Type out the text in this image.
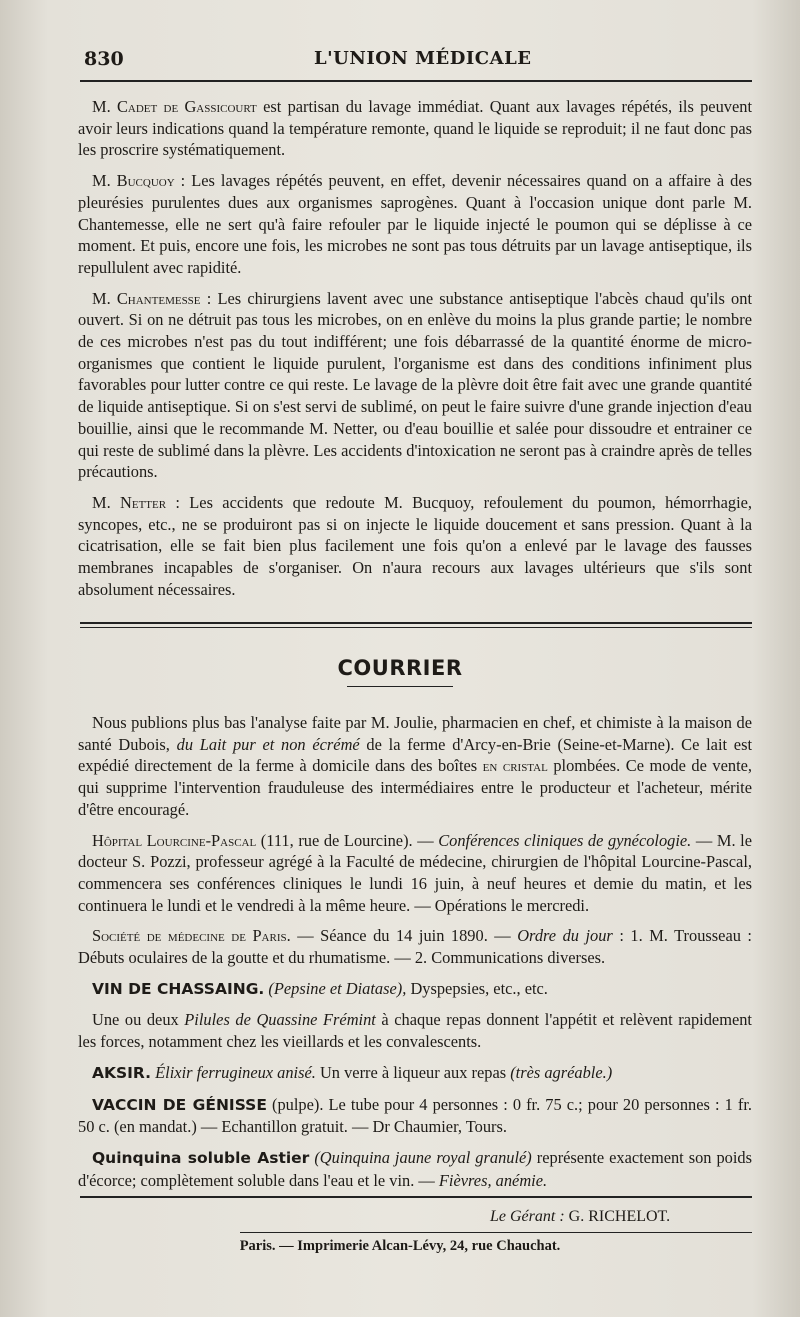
830	L'UNION MÉDICALE

M. Cadet de Gassicourt est partisan du lavage immédiat. Quant aux lavages répétés, ils peuvent avoir leurs indications quand la température remonte, quand le liquide se reproduit; il ne faut donc pas les proscrire systématiquement.

M. Bucquoy : Les lavages répétés peuvent, en effet, devenir nécessaires quand on a affaire à des pleurésies purulentes dues aux organismes saprogènes. Quant à l'occasion unique dont parle M. Chantemesse, elle ne sert qu'à faire refouler par le liquide injecté le poumon qui se déplisse à ce moment. Et puis, encore une fois, les microbes ne sont pas tous détruits par un lavage antiseptique, ils repullulent avec rapidité.

M. Chantemesse : Les chirurgiens lavent avec une substance antiseptique l'abcès chaud qu'ils ont ouvert. Si on ne détruit pas tous les microbes, on en enlève du moins la plus grande partie; le nombre de ces microbes n'est pas du tout indifférent; une fois débarrassé de la quantité énorme de micro-organismes que contient le liquide purulent, l'organisme est dans des conditions infiniment plus favorables pour lutter contre ce qui reste. Le lavage de la plèvre doit être fait avec une grande quantité de liquide antiseptique. Si on s'est servi de sublimé, on peut le faire suivre d'une grande injection d'eau bouillie, ainsi que le recommande M. Netter, ou d'eau bouillie et salée pour dissoudre et entrainer ce qui reste de sublimé dans la plèvre. Les accidents d'intoxication ne seront pas à craindre après de telles précautions.

M. Netter : Les accidents que redoute M. Bucquoy, refoulement du poumon, hémorrhagie, syncopes, etc., ne se produiront pas si on injecte le liquide doucement et sans pression. Quant à la cicatrisation, elle se fait bien plus facilement une fois qu'on a enlevé par le lavage des fausses membranes incapables de s'organiser. On n'aura recours aux lavages ultérieurs que s'ils sont absolument nécessaires.

COURRIER

Nous publions plus bas l'analyse faite par M. Joulie, pharmacien en chef, et chimiste à la maison de santé Dubois, du Lait pur et non écrémé de la ferme d'Arcy-en-Brie (Seine-et-Marne). Ce lait est expédié directement de la ferme à domicile dans des boîtes en cristal plombées. Ce mode de vente, qui supprime l'intervention frauduleuse des intermédiaires entre le producteur et l'acheteur, mérite d'être encouragé.

Hôpital Lourcine-Pascal (111, rue de Lourcine). — Conférences cliniques de gynécologie. — M. le docteur S. Pozzi, professeur agrégé à la Faculté de médecine, chirurgien de l'hôpital Lourcine-Pascal, commencera ses conférences cliniques le lundi 16 juin, à neuf heures et demie du matin, et les continuera le lundi et le vendredi à la même heure. — Opérations le mercredi.

Société de médecine de Paris. — Séance du 14 juin 1890. — Ordre du jour : 1. M. Trousseau : Débuts oculaires de la goutte et du rhumatisme. — 2. Communications diverses.

VIN DE CHASSAING. (Pepsine et Diatase), Dyspepsies, etc., etc.

Une ou deux Pilules de Quassine Frémint à chaque repas donnent l'appétit et relèvent rapidement les forces, notamment chez les vieillards et les convalescents.

AKSIR. Élixir ferrugineux anisé. Un verre à liqueur aux repas (très agréable.)

VACCIN DE GÉNISSE (pulpe). Le tube pour 4 personnes : 0 fr. 75 c.; pour 20 personnes : 1 fr. 50 c. (en mandat.) — Echantillon gratuit. — Dr Chaumier, Tours.

Quinquina soluble Astier (Quinquina jaune royal granulé) représente exactement son poids d'écorce; complètement soluble dans l'eau et le vin. — Fièvres, anémie.

Le Gérant : G. RICHELOT.
Paris. — Imprimerie Alcan-Lévy, 24, rue Chauchat.
